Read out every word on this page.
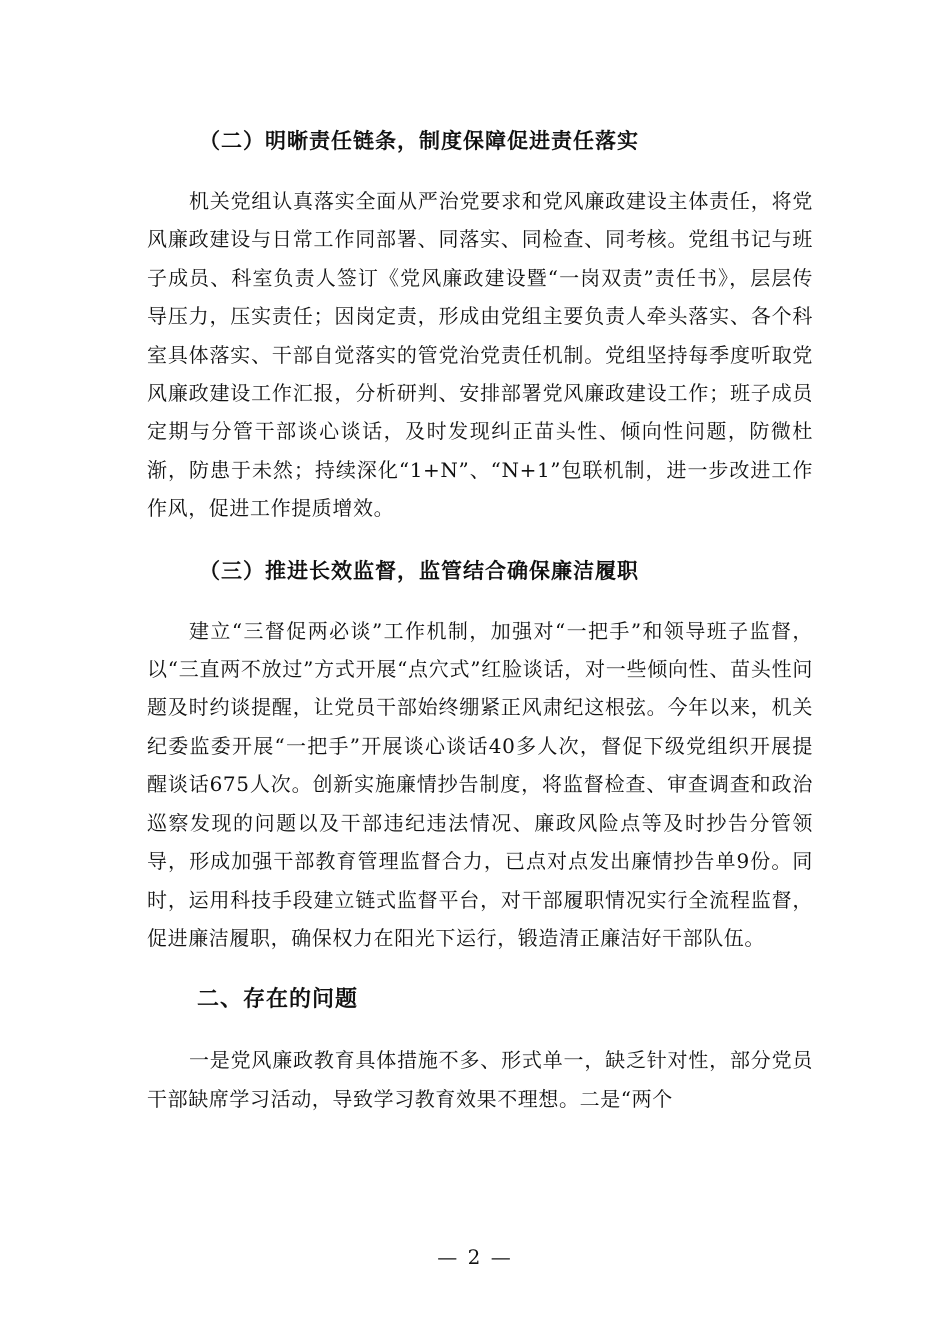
（二）明晰责任链条，制度保障促进责任落实

机关党组认真落实全面从严治党要求和党风廉政建设主体责任，将党风廉政建设与日常工作同部署、同落实、同检查、同考核。党组书记与班子成员、科室负责人签订《党风廉政建设暨“一岗双责”责任书》，层层传导压力，压实责任；因岗定责，形成由党组主要负责人牵头落实、各个科室具体落实、干部自觉落实的管党治党责任机制。党组坚持每季度听取党风廉政建设工作汇报，分析研判、安排部署党风廉政建设工作；班子成员定期与分管干部谈心谈话，及时发现纠正苗头性、倾向性问题，防微杜渐，防患于未然；持续深化“1+N”、“N+1”包联机制，进一步改进工作作风，促进工作提质增效。

（三）推进长效监督，监管结合确保廉洁履职

建立“三督促两必谈”工作机制，加强对“一把手”和领导班子监督，以“三直两不放过”方式开展“点穴式”红脸谈话，对一些倾向性、苗头性问题及时约谈提醒，让党员干部始终绷紧正风肃纪这根弦。今年以来，机关纪委监委开展“一把手”开展谈心谈话40多人次，督促下级党组织开展提醒谈话675人次。创新实施廉情抄告制度，将监督检查、审查调查和政治巡察发现的问题以及干部违纪违法情况、廉政风险点等及时抄告分管领导，形成加强干部教育管理监督合力，已点对点发出廉情抄告单9份。同时，运用科技手段建立链式监督平台，对干部履职情况实行全流程监督，促进廉洁履职，确保权力在阳光下运行，锻造清正廉洁好干部队伍。

二、存在的问题

一是党风廉政教育具体措施不多、形式单一，缺乏针对性，部分党员干部缺席学习活动，导致学习教育效果不理想。二是“两个

— 2 —
